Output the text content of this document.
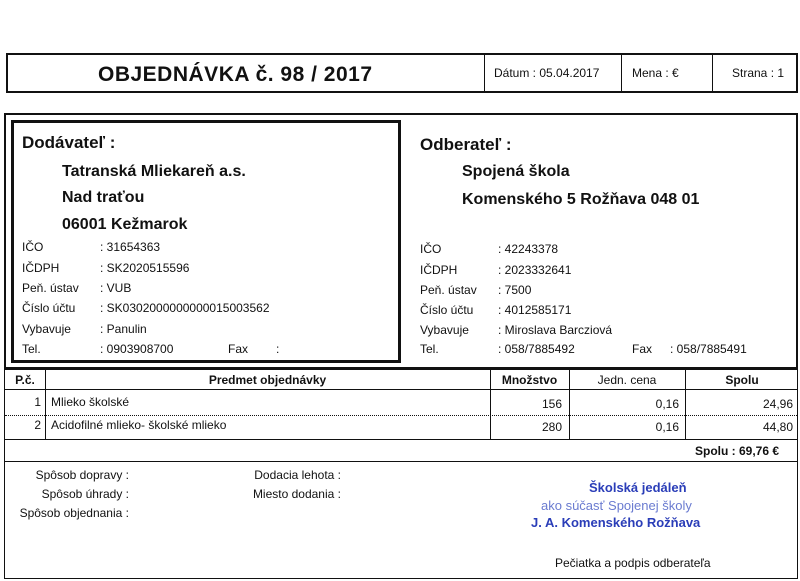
OBJEDNÁVKA č. 98 / 2017	Dátum : 05.04.2017	Mena : €	Strana : 1
Dodávateľ :
Tatranská Mliekareň a.s.
Nad traťou
06001 Kežmarok
IČO	: 31654363
IČDPH	: SK2020515596
Peň. ústav : VUB
Číslo účtu : SK0302000000000015003562
Vybavuje : Panulin
Tel.	: 0903908700	Fax :
Odberateľ :
Spojená škola
Komenského 5 Rožňava 048 01
IČO	: 42243378
IČDPH	: 2023332641
Peň. ústav : 7500
Číslo účtu : 4012585171
Vybavuje : Miroslava Barcziová
Tel.	: 058/7885492	Fax : 058/7885491
P.č.	Predmet objednávky	Množstvo	Jedn. cena	Spolu
1 Mlieko školské	156	0,16	24,96
2 Acidofilné mlieko- školské mlieko	280	0,16	44,80
Spolu : 69,76 €
Spôsob dopravy :
Spôsob úhrady :
Spôsob objednania :
Dodacia lehota :
Miesto dodania :	Školská jedáleň
ako súčasť Spojenej školy
J. A. Komenského Rožňava
Pečiatka a podpis odberateľa
